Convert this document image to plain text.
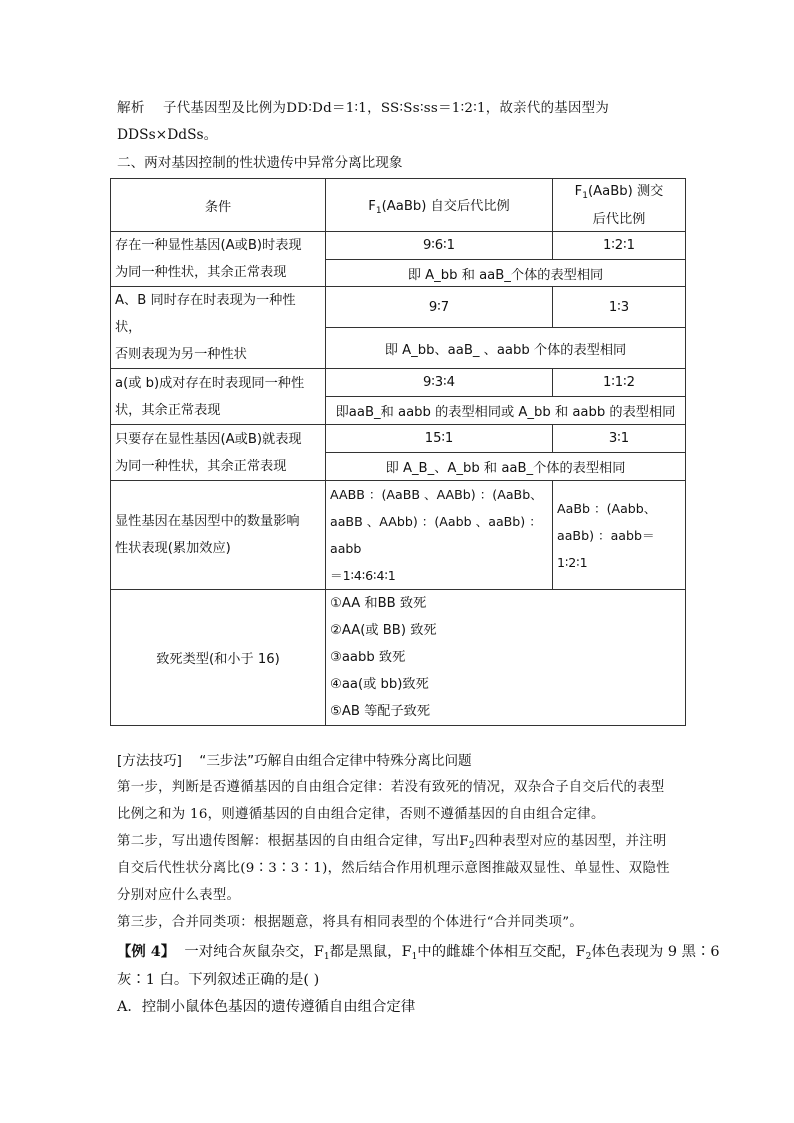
解析 子代基因型及比例为DD∶Dd＝1∶1，SS∶Ss∶ss＝1∶2∶1，故亲代的基因型为
DDSs×DdSs。
二、两对基因控制的性状遗传中异常分离比现象
条件	$F_1(AaBb)$ 自交后代比例	$F_1(AaBb)$ 测交
后代比例
存在一种显性基因(A或B)时表现
为同一种性状，其余正常表现	9∶6∶1	1∶2∶1
	即 A_bb 和 aaB_个体的表型相同	
A、B 同时存在时表现为一种性状，
否则表现为另一种性状	9∶7	1∶3
	即 A_bb、aaB_ 、aabb 个体的表型相同	
a(或 b)成对存在时表现同一种性
状，其余正常表现	9∶3∶4	1∶1∶2
	即aaB_和 aabb 的表型相同或 A_bb 和 aabb 的表型相同	
只要存在显性基因(A或B)就表现
为同一种性状，其余正常表现	15∶1	3∶1
	即 A_B_、A_bb 和 aaB_个体的表型相同	
显性基因在基因型中的数量影响
性状表现(累加效应)	AABB ：(AaBB 、AABb) ：(AaBb、
aaBB 、AAbb) ：(Aabb 、aaBb) ：aabb
＝1∶4∶6∶4∶1	AaBb ：(Aabb、
aaBb) ：aabb＝
1∶2∶1
致死类型(和小于 16)	①AA 和BB 致死
②AA(或 BB) 致死
③aabb 致死
④aa(或 bb)致死
⑤AB 等配子致死	
[方法技巧] “三步法”巧解自由组合定律中特殊分离比问题
第一步，判断是否遵循基因的自由组合定律：若没有致死的情况，双杂合子自交后代的表型
比例之和为 16，则遵循基因的自由组合定律，否则不遵循基因的自由组合定律。
第二步，写出遗传图解：根据基因的自由组合定律，写出$F_2$四种表型对应的基因型，并注明
自交后代性状分离比(9∶3∶3∶1)，然后结合作用机理示意图推敲双显性、单显性、双隐性
分别对应什么表型。
第三步，合并同类项：根据题意，将具有相同表型的个体进行“合并同类项”。
【例 4】 一对纯合灰鼠杂交，$F_1$都是黑鼠，$F_1$中的雌雄个体相互交配，$F_2$体色表现为 9 黑∶6
灰∶1 白。下列叙述正确的是( )
A．控制小鼠体色基因的遗传遵循自由组合定律
